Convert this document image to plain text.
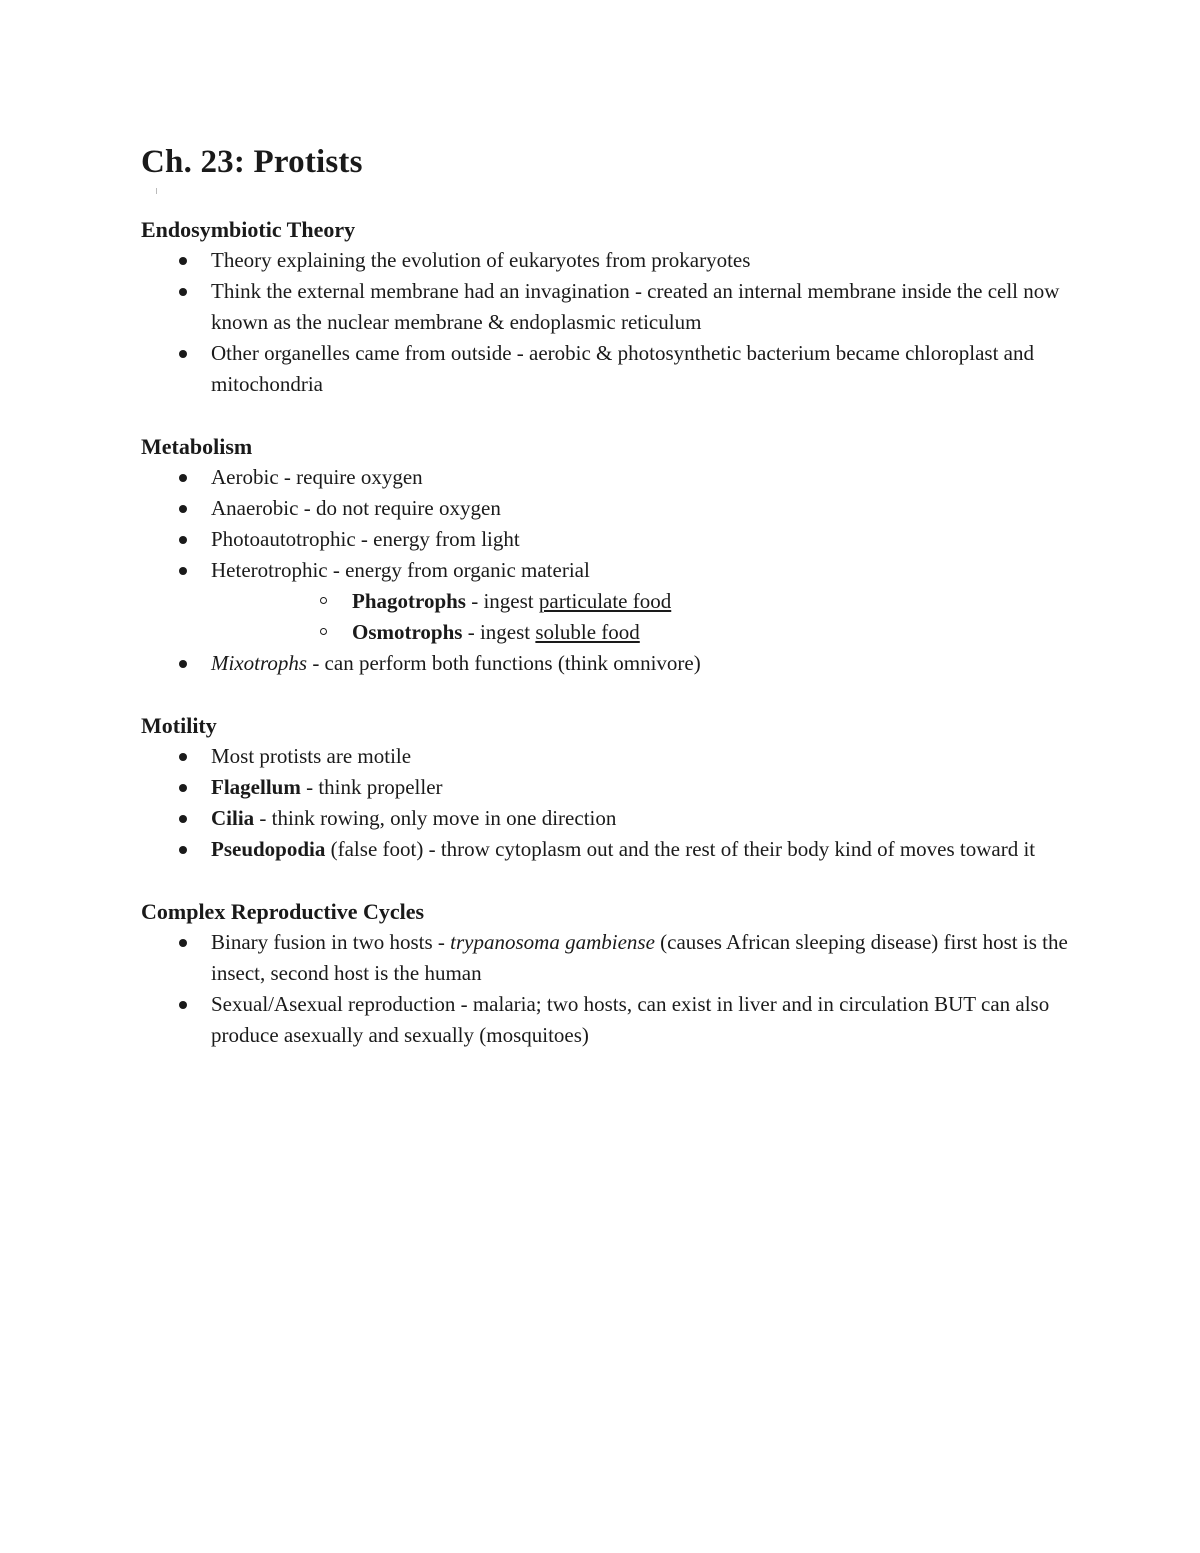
Ch. 23: Protists
Endosymbiotic Theory
Theory explaining the evolution of eukaryotes from prokaryotes
Think the external membrane had an invagination - created an internal membrane inside the cell now known as the nuclear membrane & endoplasmic reticulum
Other organelles came from outside - aerobic & photosynthetic bacterium became chloroplast and mitochondria
Metabolism
Aerobic - require oxygen
Anaerobic - do not require oxygen
Photoautotrophic - energy from light
Heterotrophic - energy from organic material
Phagotrophs - ingest particulate food
Osmotrophs - ingest soluble food
Mixotrophs - can perform both functions (think omnivore)
Motility
Most protists are motile
Flagellum - think propeller
Cilia - think rowing, only move in one direction
Pseudopodia (false foot) - throw cytoplasm out and the rest of their body kind of moves toward it
Complex Reproductive Cycles
Binary fusion in two hosts - trypanosoma gambiense (causes African sleeping disease) first host is the insect, second host is the human
Sexual/Asexual reproduction - malaria; two hosts, can exist in liver and in circulation BUT can also produce asexually and sexually (mosquitoes)
